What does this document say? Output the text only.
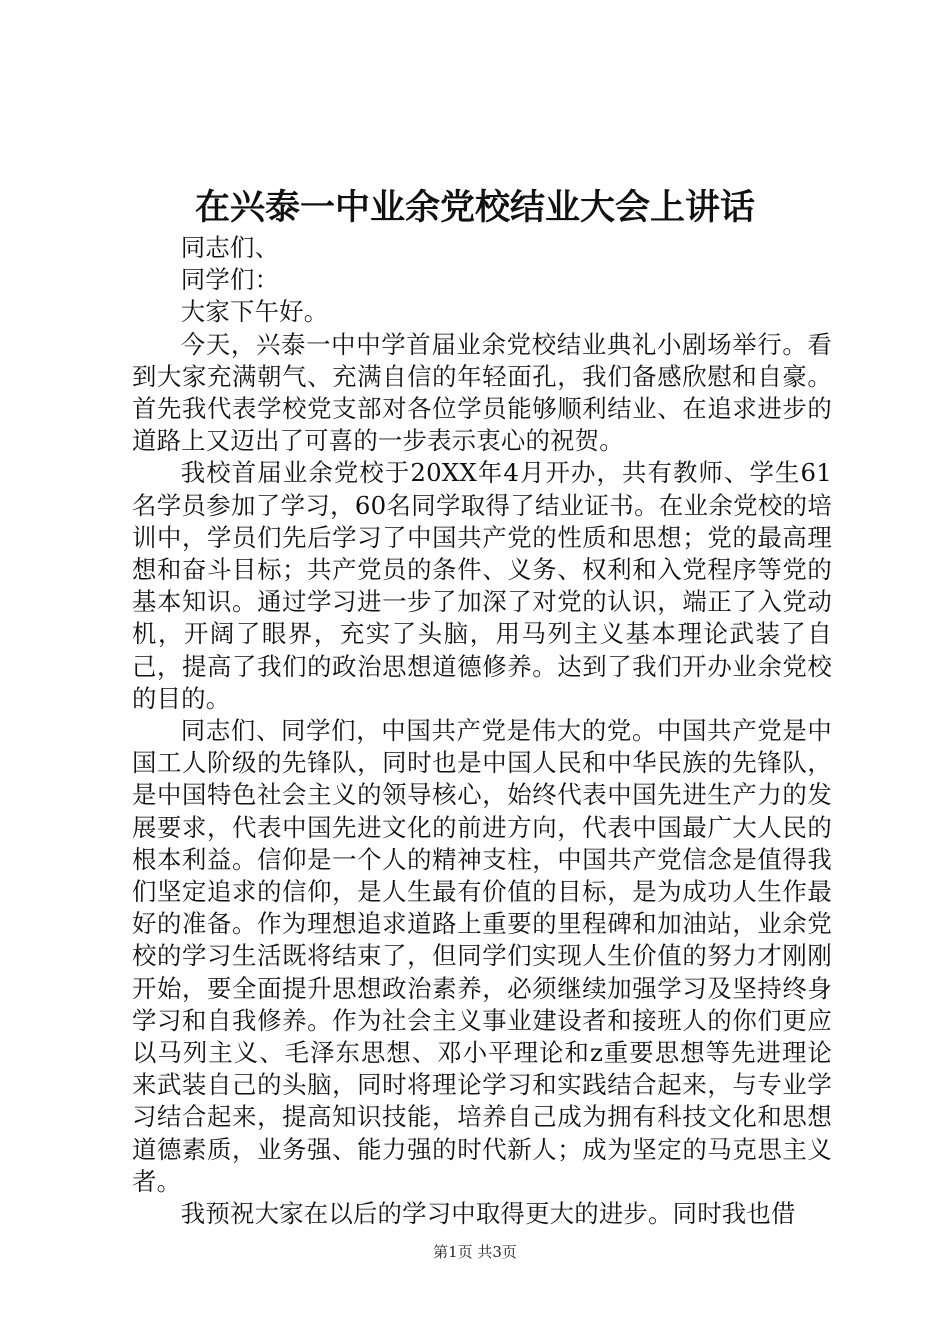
在兴泰一中业余党校结业大会上讲话

同志们、

同学们：

大家下午好。

今天，兴泰一中中学首届业余党校结业典礼小剧场举行。看到大家充满朝气、充满自信的年轻面孔，我们备感欣慰和自豪。首先我代表学校党支部对各位学员能够顺利结业、在追求进步的道路上又迈出了可喜的一步表示衷心的祝贺。

我校首届业余党校于20XX年4月开办，共有教师、学生61名学员参加了学习，60名同学取得了结业证书。在业余党校的培训中，学员们先后学习了中国共产党的性质和思想；党的最高理想和奋斗目标；共产党员的条件、义务、权利和入党程序等党的基本知识。通过学习进一步了加深了对党的认识，端正了入党动机，开阔了眼界，充实了头脑，用马列主义基本理论武装了自己，提高了我们的政治思想道德修养。达到了我们开办业余党校的目的。

同志们、同学们，中国共产党是伟大的党。中国共产党是中国工人阶级的先锋队，同时也是中国人民和中华民族的先锋队，是中国特色社会主义的领导核心，始终代表中国先进生产力的发展要求，代表中国先进文化的前进方向，代表中国最广大人民的根本利益。信仰是一个人的精神支柱，中国共产党信念是值得我们坚定追求的信仰，是人生最有价值的目标，是为成功人生作最好的准备。作为理想追求道路上重要的里程碑和加油站，业余党校的学习生活既将结束了，但同学们实现人生价值的努力才刚刚开始，要全面提升思想政治素养，必须继续加强学习及坚持终身学习和自我修养。作为社会主义事业建设者和接班人的你们更应以马列主义、毛泽东思想、邓小平理论和z重要思想等先进理论来武装自己的头脑，同时将理论学习和实践结合起来，与专业学习结合起来，提高知识技能，培养自己成为拥有科技文化和思想道德素质，业务强、能力强的时代新人；成为坚定的马克思主义者。

我预祝大家在以后的学习中取得更大的进步。同时我也借

第1页 共3页
